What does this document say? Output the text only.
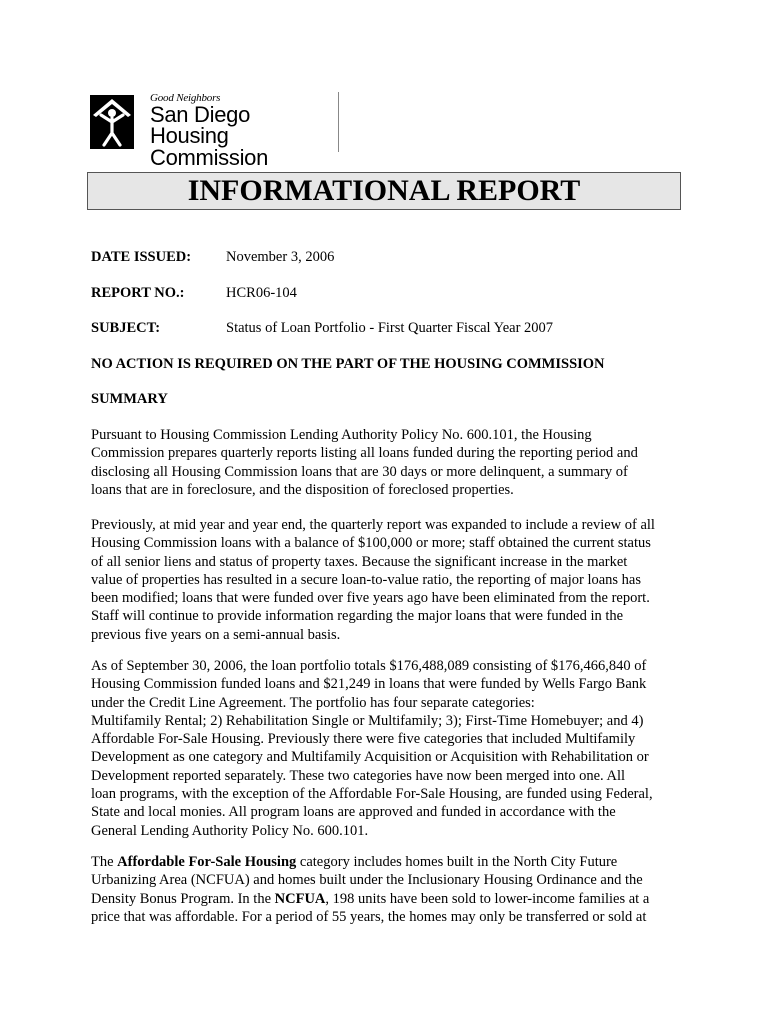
Good Neighbors
San Diego
Housing Commission
INFORMATIONAL REPORT
DATE ISSUED: November 3, 2006
REPORT NO.:	HCR06-104
SUBJECT:	Status of Loan Portfolio - First Quarter Fiscal Year 2007
NO ACTION IS REQUIRED ON THE PART OF THE HOUSING COMMISSION
SUMMARY
Pursuant to Housing Commission Lending Authority Policy No. 600.101, the Housing
Commission prepares quarterly reports listing all loans funded during the reporting period and
disclosing all Housing Commission loans that are 30 days or more delinquent, a summary of
loans that are in foreclosure, and the disposition of foreclosed properties.
Previously, at mid year and year end, the quarterly report was expanded to include a review of all
Housing Commission loans with a balance of $100,000 or more; staff obtained the current status
of all senior liens and status of property taxes. Because the significant increase in the market
value of properties has resulted in a secure loan-to-value ratio, the reporting of major loans has
been modified; loans that were funded over five years ago have been eliminated from the report.
Staff will continue to provide information regarding the major loans that were funded in the
previous five years on a semi-annual basis.
As of September 30, 2006, the loan portfolio totals $176,488,089 consisting of $176,466,840 of
Housing Commission funded loans and $21,249 in loans that were funded by Wells Fargo Bank
under the Credit Line Agreement. The portfolio has four separate categories:
Multifamily Rental; 2) Rehabilitation Single or Multifamily; 3); First-Time Homebuyer; and 4)
Affordable For-Sale Housing. Previously there were five categories that included Multifamily
Development as one category and Multifamily Acquisition or Acquisition with Rehabilitation or
Development reported separately. These two categories have now been merged into one. All
loan programs, with the exception of the Affordable For-Sale Housing, are funded using Federal,
State and local monies. All program loans are approved and funded in accordance with the
General Lending Authority Policy No. 600.101.
The Affordable For-Sale Housing category includes homes built in the North City Future
Urbanizing Area (NCFUA) and homes built under the Inclusionary Housing Ordinance and the
Density Bonus Program. In the NCFUA, 198 units have been sold to lower-income families at a
price that was affordable. For a period of 55 years, the homes may only be transferred or sold at
